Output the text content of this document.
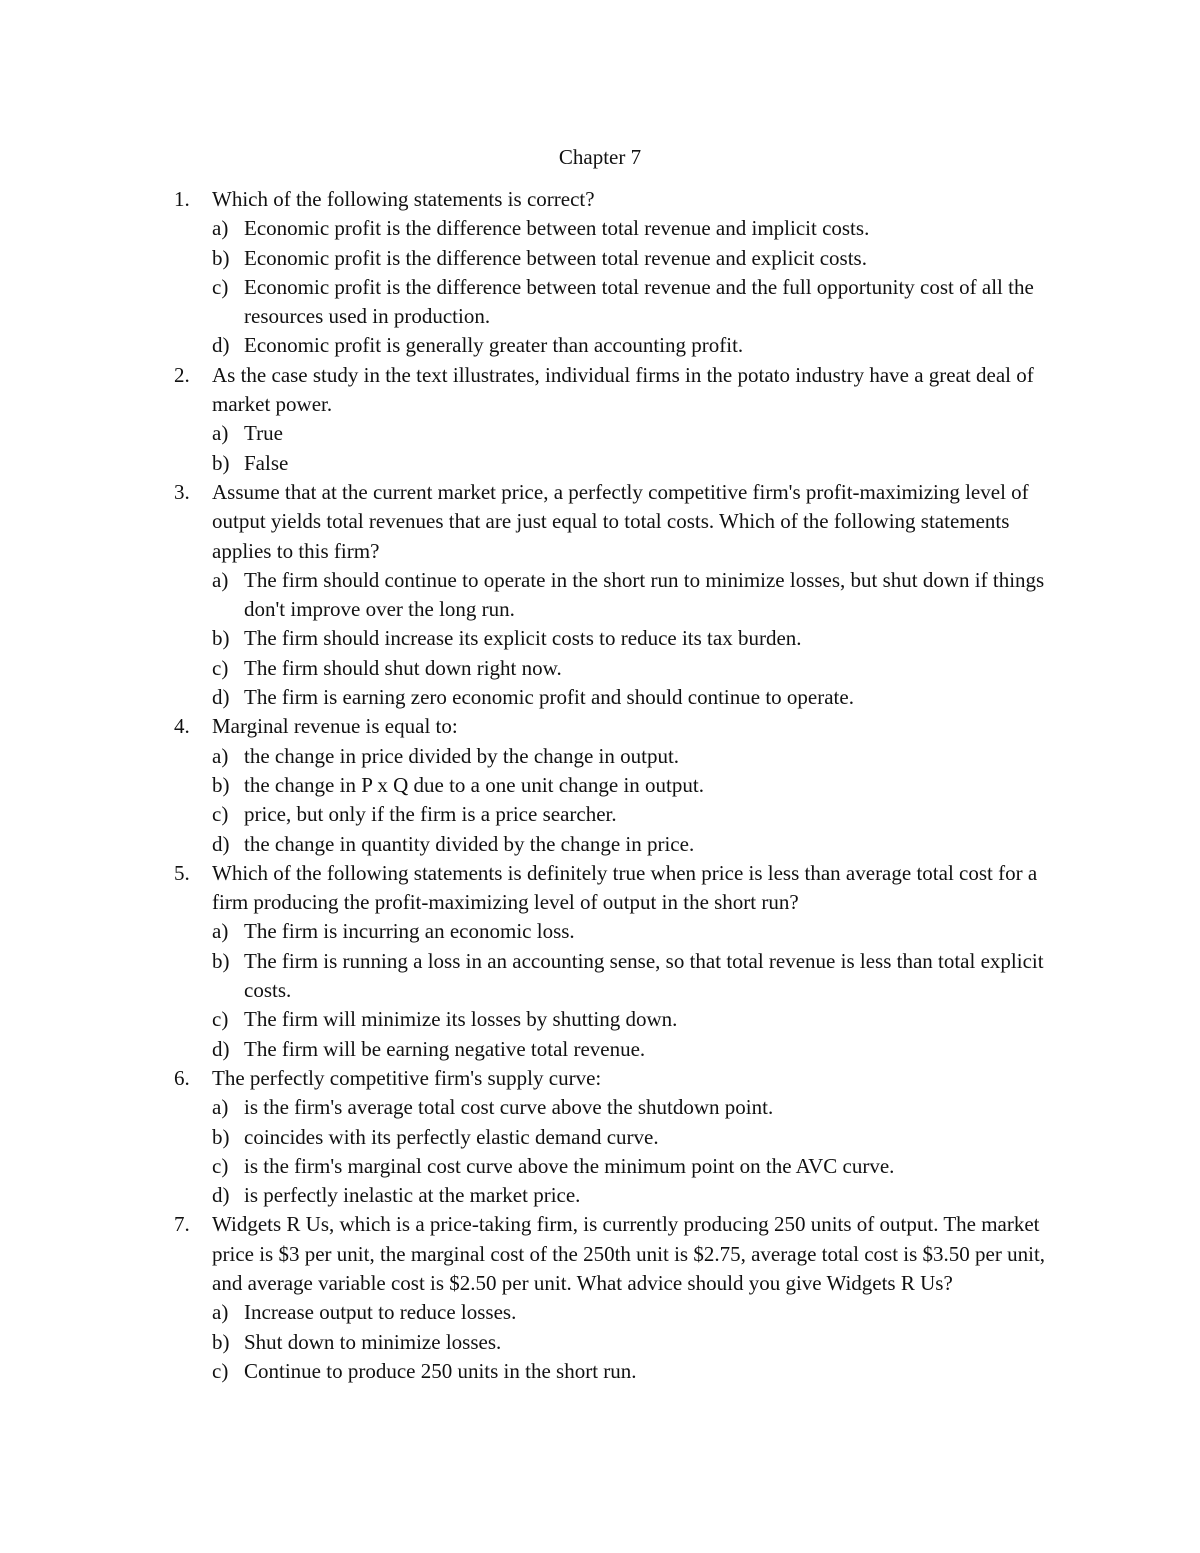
Chapter 7
1. Which of the following statements is correct?
a) Economic profit is the difference between total revenue and implicit costs.
b) Economic profit is the difference between total revenue and explicit costs.
c) Economic profit is the difference between total revenue and the full opportunity cost of all the resources used in production.
d) Economic profit is generally greater than accounting profit.
2. As the case study in the text illustrates, individual firms in the potato industry have a great deal of market power.
a) True
b) False
3. Assume that at the current market price, a perfectly competitive firm's profit-maximizing level of output yields total revenues that are just equal to total costs. Which of the following statements applies to this firm?
a) The firm should continue to operate in the short run to minimize losses, but shut down if things don't improve over the long run.
b) The firm should increase its explicit costs to reduce its tax burden.
c) The firm should shut down right now.
d) The firm is earning zero economic profit and should continue to operate.
4. Marginal revenue is equal to:
a) the change in price divided by the change in output.
b) the change in P x Q due to a one unit change in output.
c) price, but only if the firm is a price searcher.
d) the change in quantity divided by the change in price.
5. Which of the following statements is definitely true when price is less than average total cost for a firm producing the profit-maximizing level of output in the short run?
a) The firm is incurring an economic loss.
b) The firm is running a loss in an accounting sense, so that total revenue is less than total explicit costs.
c) The firm will minimize its losses by shutting down.
d) The firm will be earning negative total revenue.
6. The perfectly competitive firm's supply curve:
a) is the firm's average total cost curve above the shutdown point.
b) coincides with its perfectly elastic demand curve.
c) is the firm's marginal cost curve above the minimum point on the AVC curve.
d) is perfectly inelastic at the market price.
7. Widgets R Us, which is a price-taking firm, is currently producing 250 units of output. The market price is $3 per unit, the marginal cost of the 250th unit is $2.75, average total cost is $3.50 per unit, and average variable cost is $2.50 per unit. What advice should you give Widgets R Us?
a) Increase output to reduce losses.
b) Shut down to minimize losses.
c) Continue to produce 250 units in the short run.
